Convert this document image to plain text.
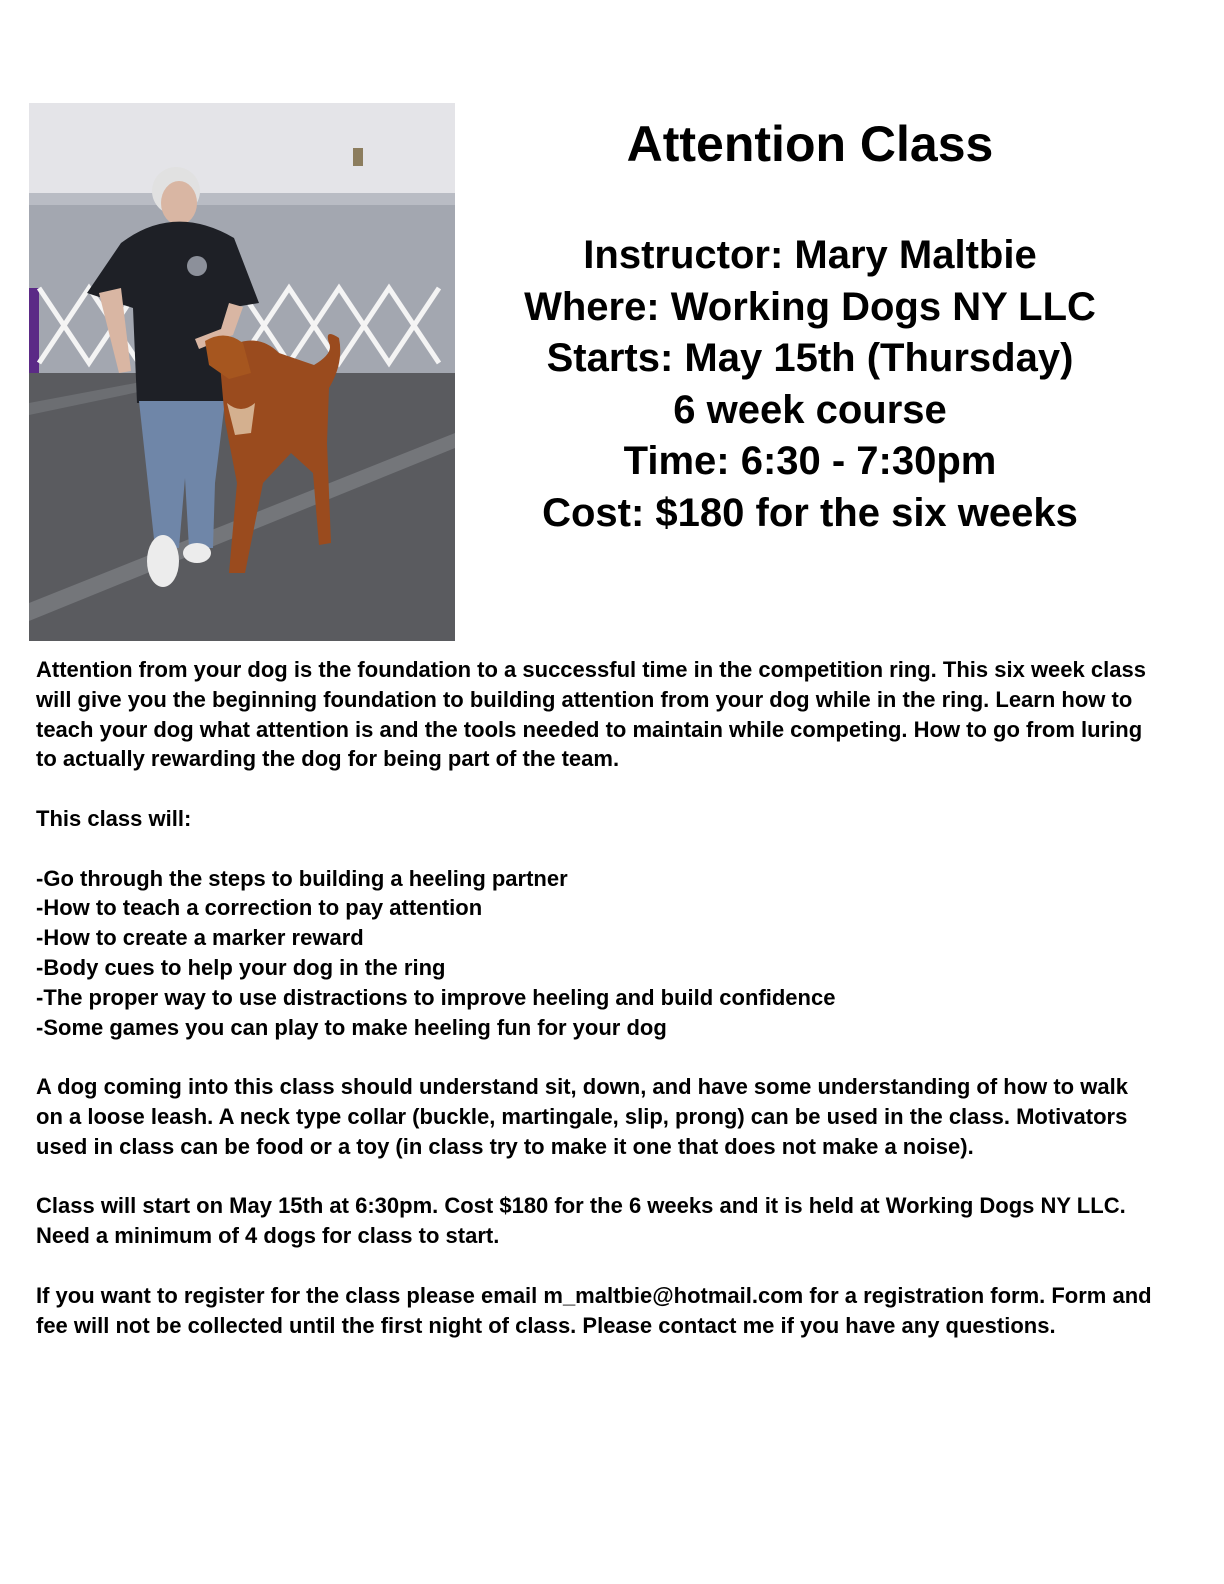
Attention Class
Instructor: Mary Maltbie
Where: Working Dogs NY LLC
Starts: May 15th (Thursday)
6 week course
Time: 6:30 - 7:30pm
Cost: $180 for the six weeks

Attention from your dog is the foundation to a successful time in the competition ring. This six week class will give you the beginning foundation to building attention from your dog while in the ring. Learn how to teach your dog what attention is and the tools needed to maintain while competing. How to go from luring to actually rewarding the dog for being part of the team.

This class will:

-Go through the steps to building a heeling partner
-How to teach a correction to pay attention
-How to create a marker reward
-Body cues to help your dog in the ring
-The proper way to use distractions to improve heeling and build confidence
-Some games you can play to make heeling fun for your dog

A dog coming into this class should understand sit, down, and have some understanding of how to walk on a loose leash. A neck type collar (buckle, martingale, slip, prong) can be used in the class. Motivators used in class can be food or a toy (in class try to make it one that does not make a noise).

Class will start on May 15th at 6:30pm. Cost $180 for the 6 weeks and it is held at Working Dogs NY LLC. Need a minimum of 4 dogs for class to start.

If you want to register for the class please email m_maltbie@hotmail.com for a registration form. Form and fee will not be collected until the first night of class. Please contact me if you have any questions.
